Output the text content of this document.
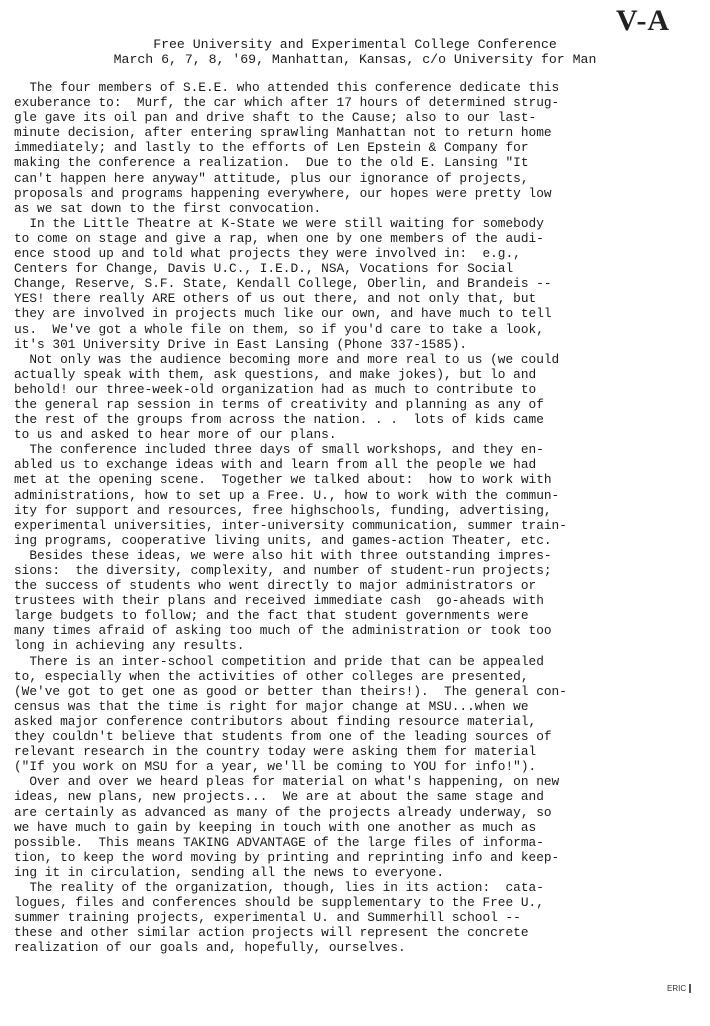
V-A
Free University and Experimental College Conference
March 6, 7, 8, '69, Manhattan, Kansas, c/o University for Man
The four members of S.E.E. who attended this conference dedicate this
exuberance to:  Murf, the car which after 17 hours of determined strug-
gle gave its oil pan and drive shaft to the Cause; also to our last-
minute decision, after entering sprawling Manhattan not to return home
immediately; and lastly to the efforts of Len Epstein & Company for
making the conference a realization.  Due to the old E. Lansing "It
can't happen here anyway" attitude, plus our ignorance of projects,
proposals and programs happening everywhere, our hopes were pretty low
as we sat down to the first convocation.
In the Little Theatre at K-State we were still waiting for somebody
to come on stage and give a rap, when one by one members of the audi-
ence stood up and told what projects they were involved in:  e.g.,
Centers for Change, Davis U.C., I.E.D., NSA, Vocations for Social
Change, Reserve, S.F. State, Kendall College, Oberlin, and Brandeis --
YES! there really ARE others of us out there, and not only that, but
they are involved in projects much like our own, and have much to tell
us.  We've got a whole file on them, so if you'd care to take a look,
it's 301 University Drive in East Lansing (Phone 337-1585).
Not only was the audience becoming more and more real to us (we could
actually speak with them, ask questions, and make jokes), but lo and
behold! our three-week-old organization had as much to contribute to
the general rap session in terms of creativity and planning as any of
the rest of the groups from across the nation. . .  lots of kids came
to us and asked to hear more of our plans.
The conference included three days of small workshops, and they en-
abled us to exchange ideas with and learn from all the people we had
met at the opening scene.  Together we talked about:  how to work with
administrations, how to set up a Free. U., how to work with the commun-
ity for support and resources, free highschools, funding, advertising,
experimental universities, inter-university communication, summer train-
ing programs, cooperative living units, and games-action Theater, etc.
Besides these ideas, we were also hit with three outstanding impres-
sions:  the diversity, complexity, and number of student-run projects;
the success of students who went directly to major administrators or
trustees with their plans and received immediate cash  go-aheads with
large budgets to follow; and the fact that student governments were
many times afraid of asking too much of the administration or took too
long in achieving any results.
There is an inter-school competition and pride that can be appealed
to, especially when the activities of other colleges are presented,
(We've got to get one as good or better than theirs!).  The general con-
census was that the time is right for major change at MSU...when we
asked major conference contributors about finding resource material,
they couldn't believe that students from one of the leading sources of
relevant research in the country today were asking them for material
("If you work on MSU for a year, we'll be coming to YOU for info!").
Over and over we heard pleas for material on what's happening, on new
ideas, new plans, new projects...  We are at about the same stage and
are certainly as advanced as many of the projects already underway, so
we have much to gain by keeping in touch with one another as much as
possible.  This means TAKING ADVANTAGE of the large files of informa-
tion, to keep the word moving by printing and reprinting info and keep-
ing it in circulation, sending all the news to everyone.
The reality of the organization, though, lies in its action:  cata-
logues, files and conferences should be supplementary to the Free U.,
summer training projects, experimental U. and Summerhill school --
these and other similar action projects will represent the concrete
realization of our goals and, hopefully, ourselves.
ERIC
